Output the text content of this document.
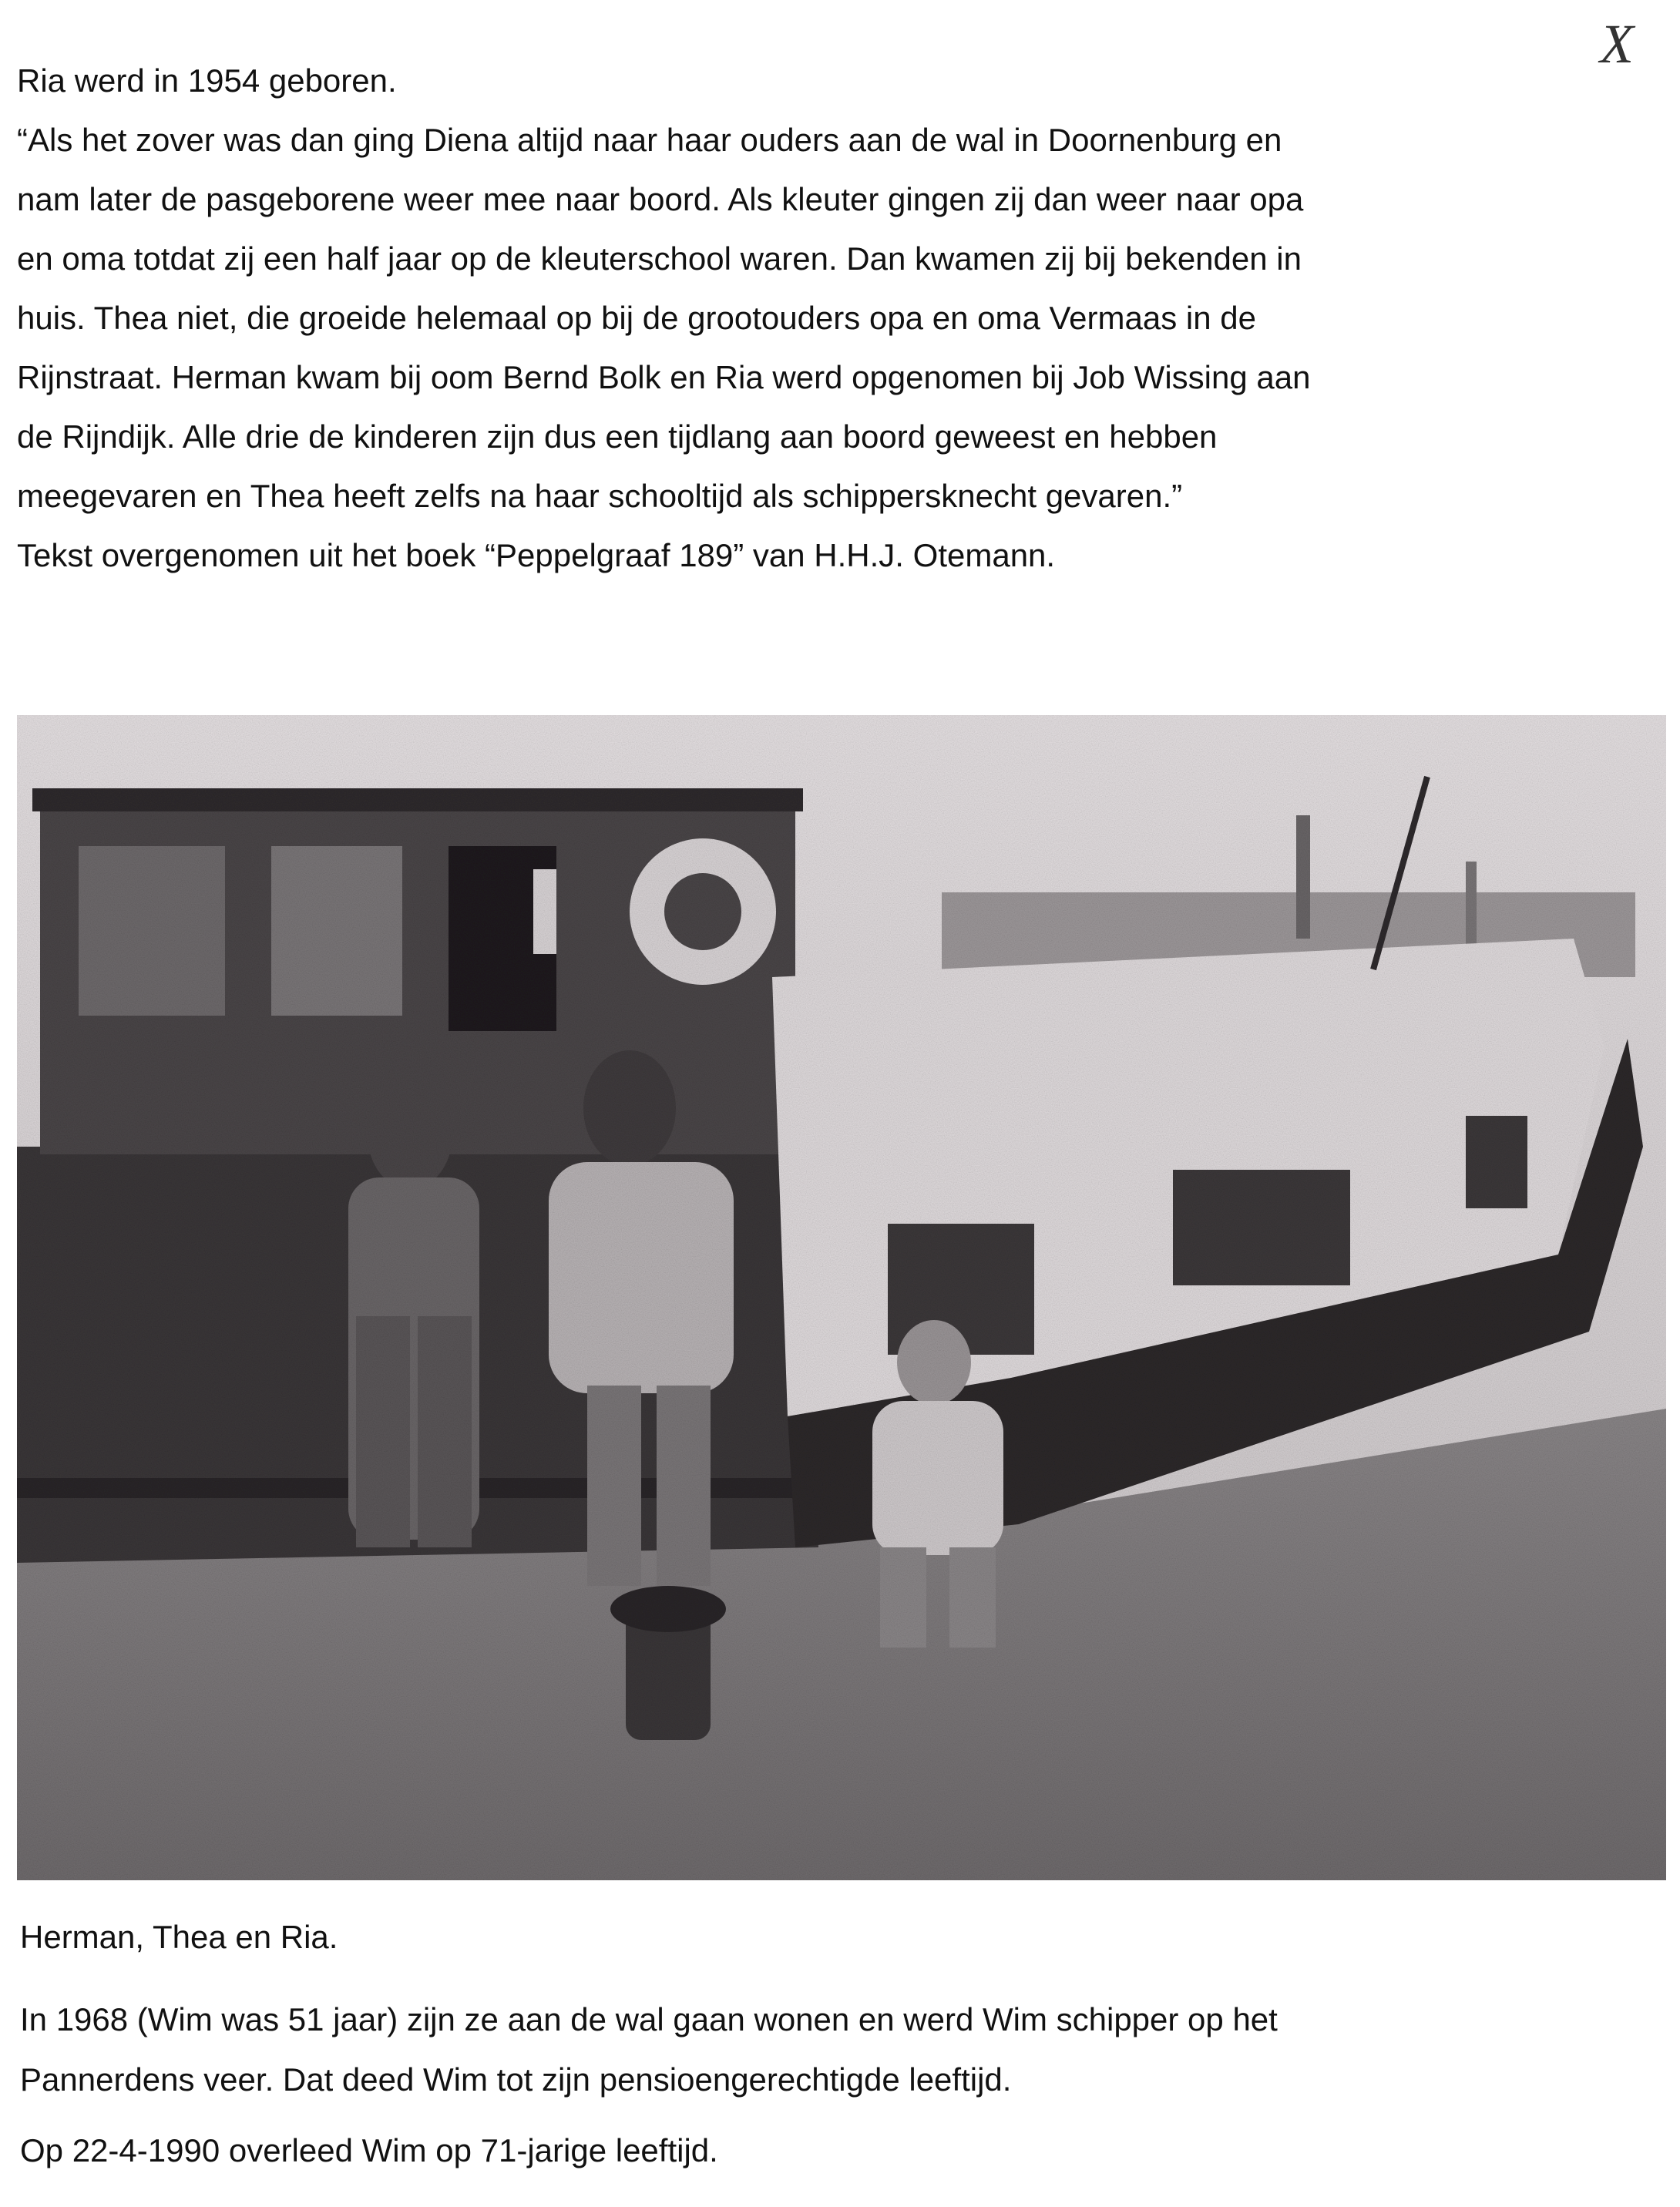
X
Ria werd in 1954 geboren.
“Als het zover was dan ging Diena altijd naar haar ouders aan de wal in Doornenburg en
nam later de pasgeborene weer mee naar boord. Als kleuter gingen zij dan weer naar opa
en oma totdat zij een half jaar op de kleuterschool waren. Dan kwamen zij bij bekenden in
huis. Thea niet, die groeide helemaal op bij de grootouders opa en oma Vermaas in de
Rijnstraat. Herman kwam bij oom Bernd Bolk en Ria werd opgenomen bij Job Wissing aan
de Rijndijk. Alle drie de kinderen zijn dus een tijdlang aan boord geweest en hebben
meegevaren en Thea heeft zelfs na haar schooltijd als schippersknecht gevaren.”
Tekst overgenomen uit het boek “Peppelgraaf 189” van H.H.J. Otemann.
Herman, Thea en Ria.
In 1968 (Wim was 51 jaar) zijn ze aan de wal gaan wonen en werd Wim schipper op het
Pannerdens veer. Dat deed Wim tot zijn pensioengerechtigde leeftijd.
Op 22-4-1990 overleed Wim op 71-jarige leeftijd.
